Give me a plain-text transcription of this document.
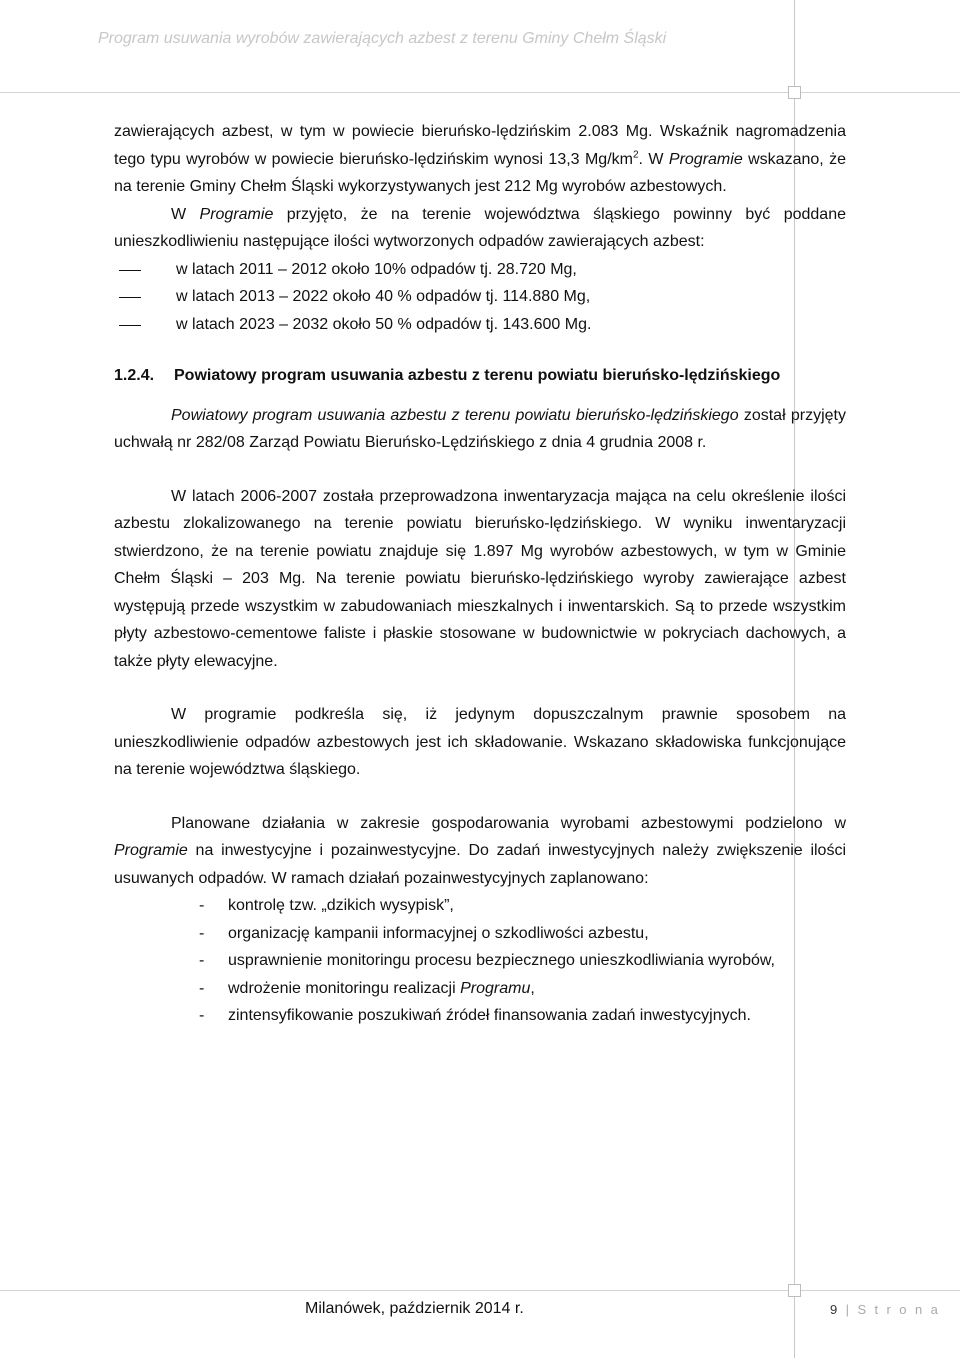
Program usuwania wyrobów zawierających azbest z terenu Gminy Chełm Śląski

zawierających azbest, w tym w powiecie bieruńsko-lędzińskim 2.083 Mg. Wskaźnik nagromadzenia tego typu wyrobów w powiecie bieruńsko-lędzińskim wynosi 13,3 $Mg/km^2$. W Programie wskazano, że na terenie Gminy Chełm Śląski wykorzystywanych jest 212 Mg wyrobów azbestowych.

W Programie przyjęto, że na terenie województwa śląskiego powinny być poddane unieszkodliwieniu następujące ilości wytworzonych odpadów zawierających azbest:

w latach 2011 – 2012 około 10% odpadów tj. 28.720 Mg,
w latach 2013 – 2022 około 40 % odpadów tj. 114.880 Mg,
w latach 2023 – 2032 około 50 % odpadów tj. 143.600 Mg.

1.2.4. Powiatowy program usuwania azbestu z terenu powiatu bieruńsko-lędzińskiego

Powiatowy program usuwania azbestu z terenu powiatu bieruńsko-lędzińskiego został przyjęty uchwałą nr 282/08 Zarząd Powiatu Bieruńsko-Lędzińskiego z dnia 4 grudnia 2008 r.

W latach 2006-2007 została przeprowadzona inwentaryzacja mająca na celu określenie ilości azbestu zlokalizowanego na terenie powiatu bieruńsko-lędzińskiego. W wyniku inwentaryzacji stwierdzono, że na terenie powiatu znajduje się 1.897 Mg wyrobów azbestowych, w tym w Gminie Chełm Śląski – 203 Mg. Na terenie powiatu bieruńsko-lędzińskiego wyroby zawierające azbest występują przede wszystkim w zabudowaniach mieszkalnych i inwentarskich. Są to przede wszystkim płyty azbestowo-cementowe faliste i płaskie stosowane w budownictwie w pokryciach dachowych, a także płyty elewacyjne.

W programie podkreśla się, iż jedynym dopuszczalnym prawnie sposobem na unieszkodliwienie odpadów azbestowych jest ich składowanie. Wskazano składowiska funkcjonujące na terenie województwa śląskiego.

Planowane działania w zakresie gospodarowania wyrobami azbestowymi podzielono w Programie na inwestycyjne i pozainwestycyjne. Do zadań inwestycyjnych należy zwiększenie ilości usuwanych odpadów. W ramach działań pozainwestycyjnych zaplanowano:

- kontrolę tzw. „dzikich wysypisk”,
- organizację kampanii informacyjnej o szkodliwości azbestu,
- usprawnienie monitoringu procesu bezpiecznego unieszkodliwiania wyrobów,
- wdrożenie monitoringu realizacji Programu,
- zintensyfikowanie poszukiwań źródeł finansowania zadań inwestycyjnych.
Milanówek, październik 2014 r.	9 | S t r o n a
